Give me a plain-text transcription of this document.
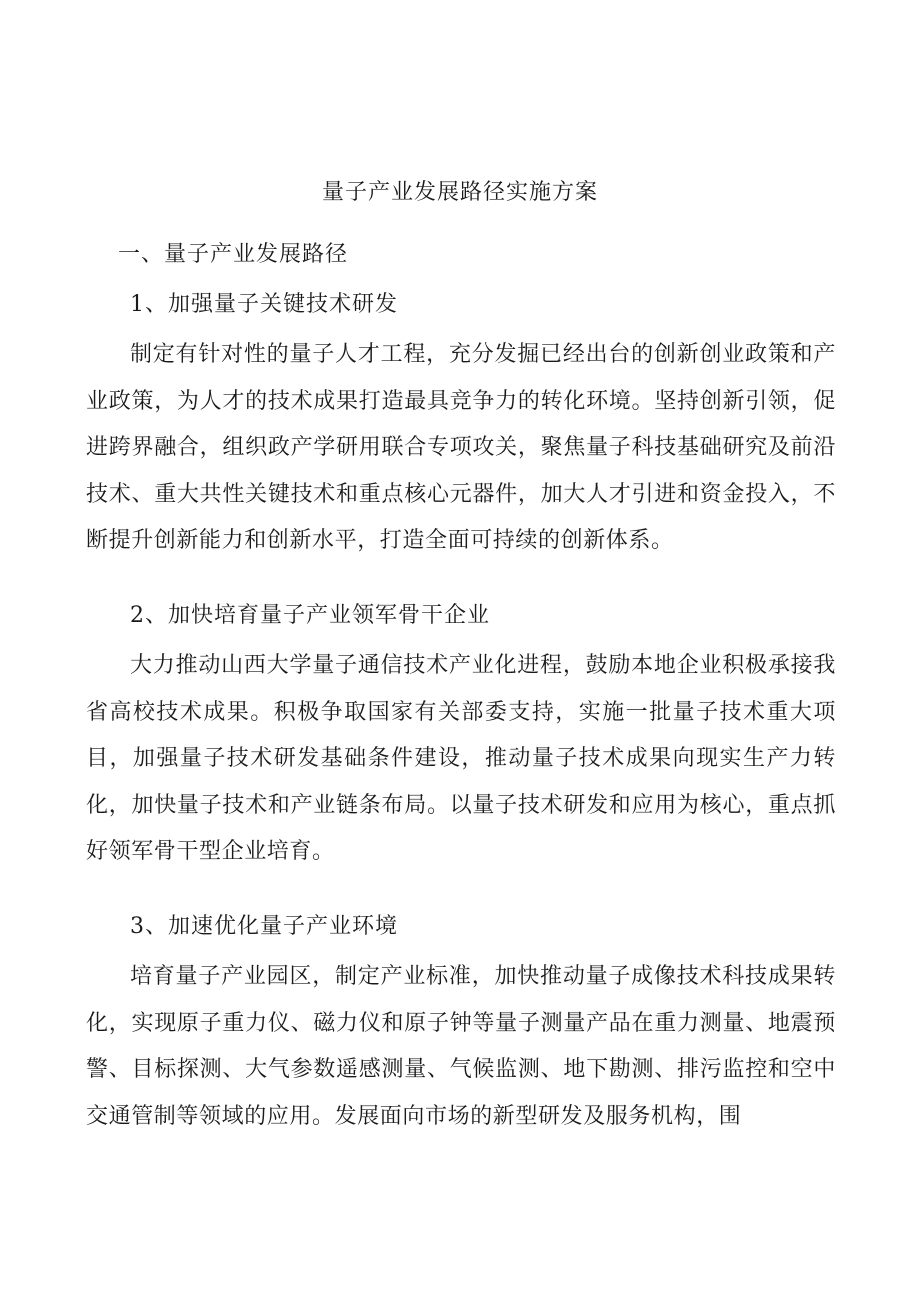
量子产业发展路径实施方案

一、量子产业发展路径

1、加强量子关键技术研发

制定有针对性的量子人才工程，充分发掘已经出台的创新创业政策和产业政策，为人才的技术成果打造最具竞争力的转化环境。坚持创新引领，促进跨界融合，组织政产学研用联合专项攻关，聚焦量子科技基础研究及前沿技术、重大共性关键技术和重点核心元器件，加大人才引进和资金投入，不断提升创新能力和创新水平，打造全面可持续的创新体系。

2、加快培育量子产业领军骨干企业

大力推动山西大学量子通信技术产业化进程，鼓励本地企业积极承接我省高校技术成果。积极争取国家有关部委支持，实施一批量子技术重大项目，加强量子技术研发基础条件建设，推动量子技术成果向现实生产力转化，加快量子技术和产业链条布局。以量子技术研发和应用为核心，重点抓好领军骨干型企业培育。

3、加速优化量子产业环境

培育量子产业园区，制定产业标准，加快推动量子成像技术科技成果转化，实现原子重力仪、磁力仪和原子钟等量子测量产品在重力测量、地震预警、目标探测、大气参数遥感测量、气候监测、地下勘测、排污监控和空中交通管制等领域的应用。发展面向市场的新型研发及服务机构，围
